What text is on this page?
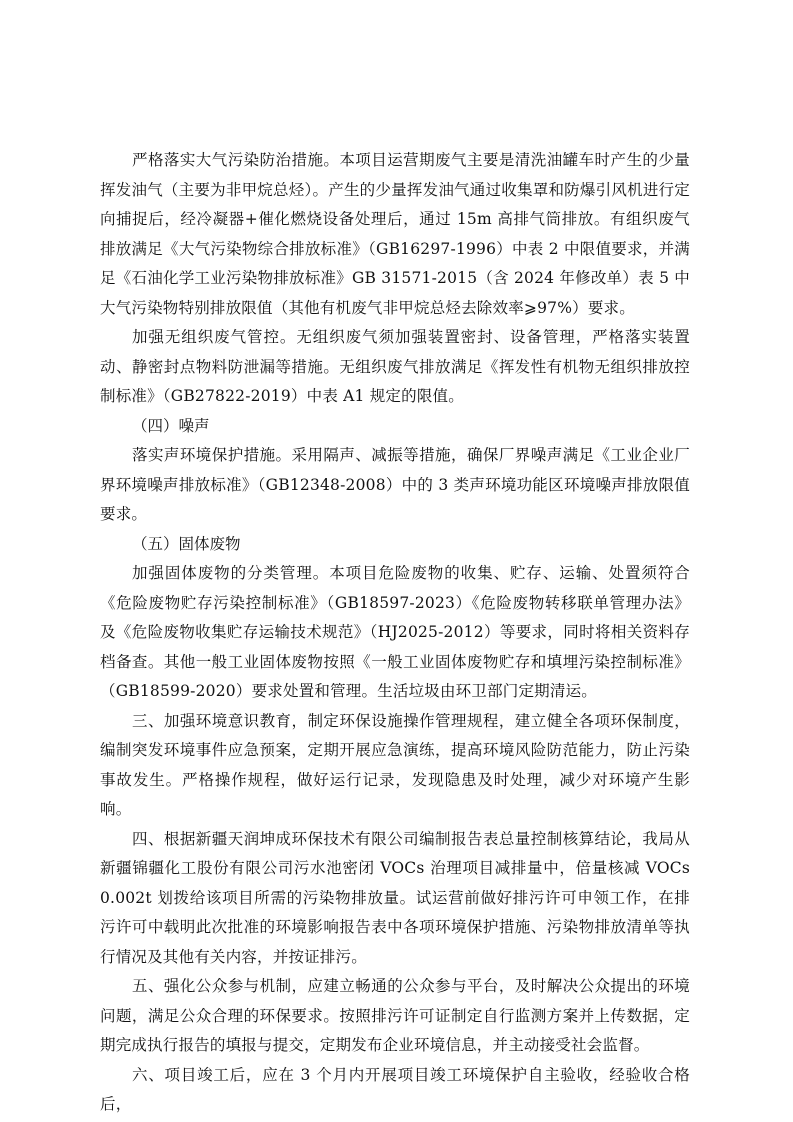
严格落实大气污染防治措施。本项目运营期废气主要是清洗油罐车时产生的少量挥发油气（主要为非甲烷总烃）。产生的少量挥发油气通过收集罩和防爆引风机进行定向捕捉后，经冷凝器+催化燃烧设备处理后，通过 15m 高排气筒排放。有组织废气排放满足《大气污染物综合排放标准》（GB16297-1996）中表 2 中限值要求，并满足《石油化学工业污染物排放标准》GB 31571-2015（含 2024 年修改单）表 5 中大气污染物特别排放限值（其他有机废气非甲烷总烃去除效率⩾97%）要求。

加强无组织废气管控。无组织废气须加强装置密封、设备管理，严格落实装置动、静密封点物料防泄漏等措施。无组织废气排放满足《挥发性有机物无组织排放控制标准》（GB27822-2019）中表 A1 规定的限值。

（四）噪声

落实声环境保护措施。采用隔声、减振等措施，确保厂界噪声满足《工业企业厂界环境噪声排放标准》（GB12348-2008）中的 3 类声环境功能区环境噪声排放限值要求。

（五）固体废物

加强固体废物的分类管理。本项目危险废物的收集、贮存、运输、处置须符合《危险废物贮存污染控制标准》（GB18597-2023）《危险废物转移联单管理办法》及《危险废物收集贮存运输技术规范》（HJ2025-2012）等要求，同时将相关资料存档备查。其他一般工业固体废物按照《一般工业固体废物贮存和填埋污染控制标准》（GB18599-2020）要求处置和管理。生活垃圾由环卫部门定期清运。

三、加强环境意识教育，制定环保设施操作管理规程，建立健全各项环保制度，编制突发环境事件应急预案，定期开展应急演练，提高环境风险防范能力，防止污染事故发生。严格操作规程，做好运行记录，发现隐患及时处理，减少对环境产生影响。

四、根据新疆天润坤成环保技术有限公司编制报告表总量控制核算结论，我局从新疆锦疆化工股份有限公司污水池密闭 VOCs 治理项目减排量中，倍量核减 VOCs0.002t 划拨给该项目所需的污染物排放量。试运营前做好排污许可申领工作，在排污许可中载明此次批准的环境影响报告表中各项环境保护措施、污染物排放清单等执行情况及其他有关内容，并按证排污。

五、强化公众参与机制，应建立畅通的公众参与平台，及时解决公众提出的环境问题，满足公众合理的环保要求。按照排污许可证制定自行监测方案并上传数据，定期完成执行报告的填报与提交，定期发布企业环境信息，并主动接受社会监督。

六、项目竣工后，应在 3 个月内开展项目竣工环境保护自主验收，经验收合格后，
